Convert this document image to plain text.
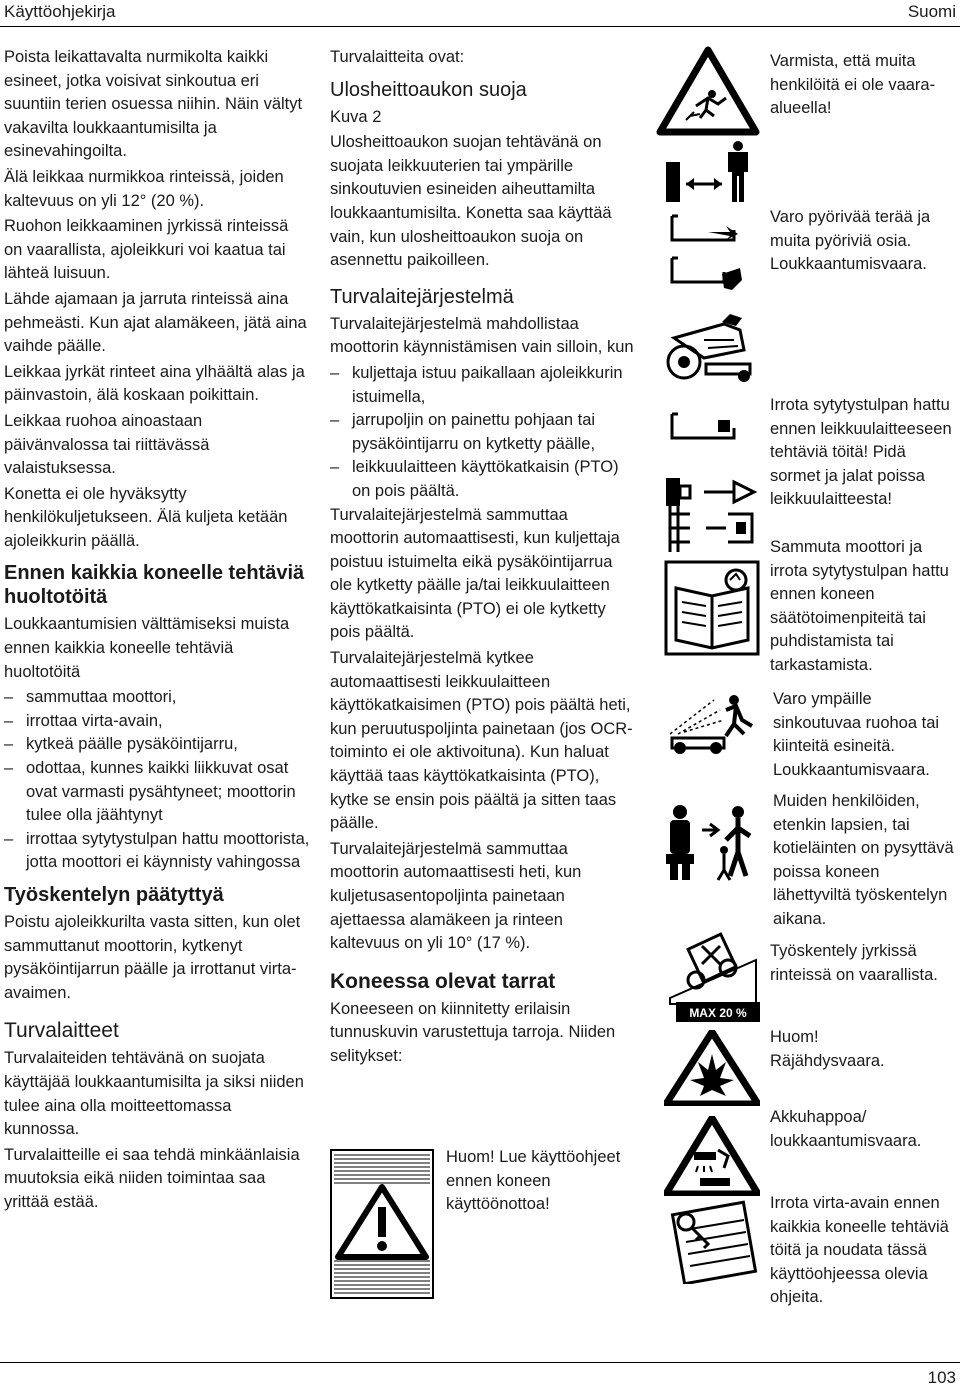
Käyttöohjekirja	Suomi

Poista leikattavalta nurmikolta kaikki esineet, jotka voisivat sinkoutua eri suuntiin terien osuessa niihin. Näin vältyt vakavilta loukkaantumisilta ja esinevahingoilta.

Älä leikkaa nurmikkoa rinteissä, joiden kaltevuus on yli 12° (20 %).

Ruohon leikkaaminen jyrkissä rinteissä on vaarallista, ajoleikkuri voi kaatua tai lähteä luisuun.

Lähde ajamaan ja jarruta rinteissä aina pehmeästi. Kun ajat alamäkeen, jätä aina vaihde päälle.

Leikkaa jyrkät rinteet aina ylhäältä alas ja päinvastoin, älä koskaan poikittain.

Leikkaa ruohoa ainoastaan päivänvalossa tai riittävässä valaistuksessa.

Konetta ei ole hyväksytty henkilökuljetukseen. Älä kuljeta ketään ajoleikkurin päällä.

Ennen kaikkia koneelle tehtäviä huoltotöitä

Loukkaantumisien välttämiseksi muista ennen kaikkia koneelle tehtäviä huoltotöitä

– sammuttaa moottori,
– irrottaa virta-avain,
– kytkeä päälle pysäköintijarru,
– odottaa, kunnes kaikki liikkuvat osat ovat varmasti pysähtyneet; moottorin tulee olla jäähtynyt
– irrottaa sytytystulpan hattu moottorista, jotta moottori ei käynnisty vahingossa
Työskentelyn päätyttyä

Poistu ajoleikkurilta vasta sitten, kun olet sammuttanut moottorin, kytkenyt pysäköintijarrun päälle ja irrottanut virta-avaimen.

Turvalaitteet

Turvalaiteiden tehtävänä on suojata käyttäjää loukkaantumisilta ja siksi niiden tulee aina olla moitteettomassa kunnossa.

Turvalaitteille ei saa tehdä minkäänlaisia muutoksia eikä niiden toimintaa saa yrittää estää.

Turvalaitteita ovat:

Ulosheittoaukon suoja

Kuva 2

Ulosheittoaukon suojan tehtävänä on suojata leikkuuterien tai ympärille sinkoutuvien esineiden aiheuttamilta loukkaantumisilta. Konetta saa käyttää vain, kun ulosheittoaukon suoja on asennettu paikoilleen.

Turvalaitejärjestelmä

Turvalaitejärjestelmä mahdollistaa moottorin käynnistämisen vain silloin, kun

– kuljettaja istuu paikallaan ajoleikkurin istuimella,
– jarrupoljin on painettu pohjaan tai pysäköintijarru on kytketty päälle,
– leikkuulaitteen käyttökatkaisin (PTO) on pois päältä.

Turvalaitejärjestelmä sammuttaa moottorin automaattisesti, kun kuljettaja poistuu istuimelta eikä pysäköintijarrua ole kytketty päälle ja/tai leikkuulaitteen käyttökatkaisinta (PTO) ei ole kytketty pois päältä.

Turvalaitejärjestelmä kytkee automaattisesti leikkuulaitteen käyttökatkaisimen (PTO) pois päältä heti, kun peruutuspoljinta painetaan (jos OCR-toiminto ei ole aktivoituna). Kun haluat käyttää taas käyttökatkaisinta (PTO), kytke se ensin pois päältä ja sitten taas päälle.

Turvalaitejärjestelmä sammuttaa moottorin automaattisesti heti, kun kuljetusasentopoljinta painetaan ajettaessa alamäkeen ja rinteen kaltevuus on yli 10° (17 %).

Koneessa olevat tarrat

Koneeseen on kiinnitetty erilaisin tunnuskuvin varustettuja tarroja. Niiden selitykset:

Huom! Lue käyttöohjeet ennen koneen käyttöönottoa!
MAX 20 %
Varmista, että muita henkilöitä ei ole vaara-alueella!
Varo pyörivää terää ja muita pyöriviä osia. Loukkaantumisvaara.
Irrota sytytystulpan hattu ennen leikkuulaitteeseen tehtäviä töitä! Pidä sormet ja jalat poissa leikkuulaitteesta!
Sammuta moottori ja irrota sytytystulpan hattu ennen koneen säätötoimenpiteitä tai puhdistamista tai tarkastamista.
Varo ympäille sinkoutuvaa ruohoa tai kiinteitä esineitä. Loukkaantumisvaara.
Muiden henkilöiden, etenkin lapsien, tai kotieläinten on pysyttävä poissa koneen lähettyviltä työskentelyn aikana.
Työskentely jyrkissä rinteissä on vaarallista.
Huom! Räjähdysvaara.
Akkuhappoa/ loukkaantumisvaara.
Irrota virta-avain ennen kaikkia koneelle tehtäviä töitä ja noudata tässä käyttöohjeessa olevia ohjeita.
103
